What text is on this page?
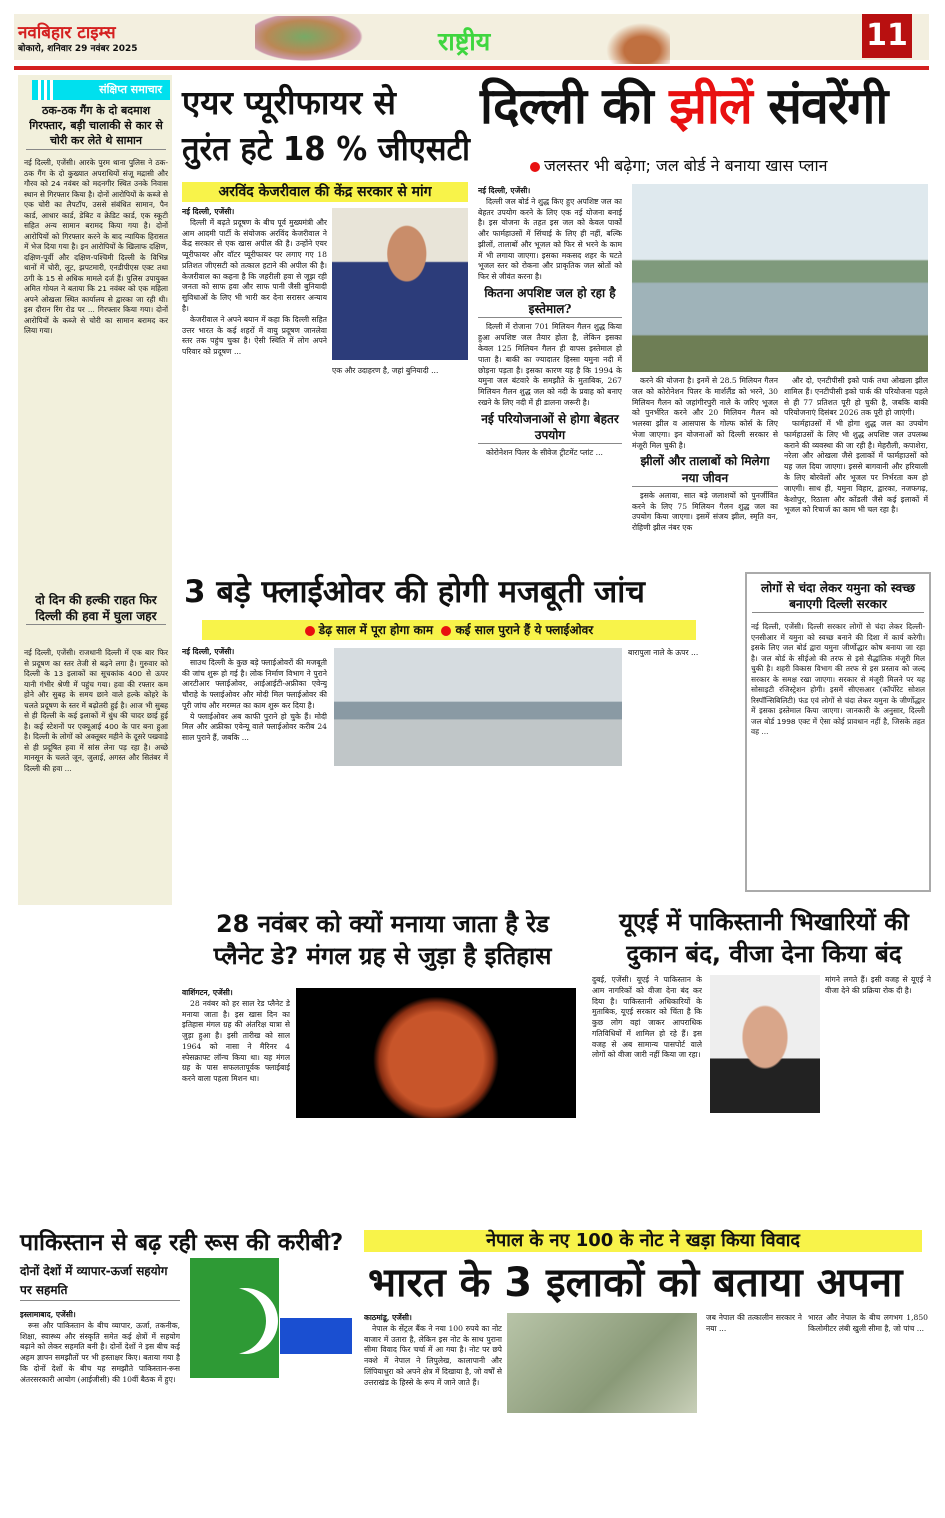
नवबिहार टाइम्स
बोकारो, शनिवार 29 नवंबर 2025	राष्ट्रीय	11
संक्षिप्त समाचार
ठक-ठक गैंग के दो बदमाश गिरफ्तार, बड़ी चालाकी से कार से चोरी कर लेते थे सामान
नई दिल्ली, एजेंसी। आरके पुरम थाना पुलिस ने ठक-ठक गैंग के दो कुख्यात अपराधियों संजू मद्रासी और गौरव को 24 नवंबर को मदनगीर स्थित उनके निवास स्थान से गिरफ्तार किया है। दोनों आरोपियों के कब्जे से एक चोरी का लैपटॉप, उससे संबंधित सामान, पैन कार्ड, आधार कार्ड, डेबिट व क्रेडिट कार्ड, एक स्कूटी सहित अन्य सामान बरामद किया गया है। दोनों आरोपियों को गिरफ्तार करने के बाद न्यायिक हिरासत में भेज दिया गया है। इन आरोपियों के खिलाफ दक्षिण, दक्षिण-पूर्वी और दक्षिण-पश्चिमी दिल्ली के विभिन्न थानों में चोरी, लूट, झपटमारी, एनडीपीएस एक्ट तथा ठगी के 15 से अधिक मामले दर्ज हैं। पुलिस उपायुक्त अमित गोयल ने बताया कि 21 नवंबर को एक महिला अपने ओखला स्थित कार्यालय से द्वारका जा रही थी। इस दौरान रिंग रोड पर ... गिरफ्तार किया गया। दोनों आरोपियों के कब्जे से चोरी का सामान बरामद कर लिया गया।
दो दिन की हल्की राहत फिर दिल्ली की हवा में घुला जहर
नई दिल्ली, एजेंसी। राजधानी दिल्ली में एक बार फिर से प्रदूषण का स्तर तेजी से बढ़ने लगा है। गुरुवार को दिल्ली के 13 इलाकों का सूचकांक 400 से ऊपर यानी गंभीर श्रेणी में पहुंच गया। हवा की रफ्तार कम होने और सुबह के समय छाने वाले हल्के कोहरे के चलते प्रदूषण के स्तर में बढ़ोतरी हुई है। आज भी सुबह से ही दिल्ली के कई इलाकों में धुंध की चादर छाई हुई है। कई स्टेशनों पर एक्यूआई 400 के पार बना हुआ है। दिल्ली के लोगों को अक्तूबर महीने के दूसरे पखवाड़े से ही प्रदूषित हवा में सांस लेना पड़ रहा है। अच्छे मानसून के चलते जून, जुलाई, अगस्त और सितंबर में दिल्ली की हवा ...
एयर प्यूरीफायर से
तुरंत हटे 18 % जीएसटी
अरविंद केजरीवाल की केंद्र सरकार से मांग
नई दिल्ली, एजेंसी।

दिल्ली में बढ़ते प्रदूषण के बीच पूर्व मुख्यमंत्री और आम आदमी पार्टी के संयोजक अरविंद केजरीवाल ने केंद्र सरकार से एक खास अपील की है। उन्होंने एयर प्यूरीफायर और वॉटर प्यूरीफायर पर लगाए गए 18 प्रतिशत जीएसटी को तत्काल हटाने की अपील की है। केजरीवाल का कहना है कि जहरीली हवा से जूझ रही जनता को साफ हवा और साफ पानी जैसी बुनियादी सुविधाओं के लिए भी भारी कर देना सरासर अन्याय है।

केजरीवाल ने अपने बयान में कहा कि दिल्ली सहित उत्तर भारत के कई शहरों में वायु प्रदूषण जानलेवा स्तर तक पहुंच चुका है। ऐसी स्थिति में लोग अपने परिवार को प्रदूषण ...

एक और उदाहरण है, जहां बुनियादी ...
दिल्ली की झीलें संवरेंगी
जलस्तर भी बढ़ेगा; जल बोर्ड ने बनाया खास प्लान
नई दिल्ली, एजेंसी।

दिल्ली जल बोर्ड ने शुद्ध किए हुए अपशिष्ट जल का बेहतर उपयोग करने के लिए एक नई योजना बनाई है। इस योजना के तहत इस जल को केवल पार्कों और फार्महाउसों में सिंचाई के लिए ही नहीं, बल्कि झीलों, तालाबों और भूजल को फिर से भरने के काम में भी लगाया जाएगा। इसका मकसद शहर के घटते भूजल स्तर को रोकना और प्राकृतिक जल स्रोतों को फिर से जीवंत करना है।

कितना अपशिष्ट जल हो रहा है इस्तेमाल?

दिल्ली में रोजाना 701 मिलियन गैलन शुद्ध किया हुआ अपशिष्ट जल तैयार होता है, लेकिन इसका केवल 125 मिलियन गैलन ही वापस इस्तेमाल हो पाता है। बाकी का ज्यादातर हिस्सा यमुना नदी में छोड़ना पड़ता है। इसका कारण यह है कि 1994 के यमुना जल बंटवारे के समझौते के मुताबिक, 267 मिलियन गैलन शुद्ध जल को नदी के प्रवाह को बनाए रखने के लिए नदी में ही डालना जरूरी है।

नई परियोजनाओं से होगा बेहतर उपयोग

कोरोनेशन पिलर के सीवेज ट्रीटमेंट प्लांट ...

करने की योजना है। इनमें से 28.5 मिलियन गैलन जल को कोरोनेशन पिलर के मार्शलैंड को भरने, 30 मिलियन गैलन को जहांगीरपुरी नाले के जरिए भूजल को पुनर्भरित करने और 20 मिलियन गैलन को भलस्वा झील व आसपास के गोल्फ कोर्स के लिए भेजा जाएगा। इन योजनाओं को दिल्ली सरकार से मंजूरी मिल चुकी है।

झीलों और तालाबों को मिलेगा नया जीवन

इसके अलावा, सात बड़े जलाशयों को पुनर्जीवित करने के लिए 75 मिलियन गैलन शुद्ध जल का उपयोग किया जाएगा। इसमें संजय झील, स्मृति वन, रोहिणी झील नंबर एक

और दो, एनटीपीसी इको पार्क तथा ओखला झील शामिल हैं। एनटीपीसी इको पार्क की परियोजना पहले से ही 77 प्रतिशत पूरी हो चुकी है, जबकि बाकी परियोजनाएं दिसंबर 2026 तक पूरी हो जाएंगी।

फार्महाउसों में भी होगा शुद्ध जल का उपयोग फार्महाउसों के लिए भी शुद्ध अपशिष्ट जल उपलब्ध कराने की व्यवस्था की जा रही है। मेहरौली, कपाशेरा, नरेला और ओखला जैसे इलाकों में फार्महाउसों को यह जल दिया जाएगा। इससे बागवानी और हरियाली के लिए बोरवेलों और भूजल पर निर्भरता कम हो जाएगी। साथ ही, यमुना विहार, द्वारका, नजफगढ़, केशोपुर, रिठाला और कोंडली जैसे कई इलाकों में भूजल को रिचार्ज का काम भी चल रहा है।

3 बड़े फ्लाईओवर की होगी मजबूती जांच
डेढ़ साल में पूरा होगा काम कई साल पुराने हैं ये फ्लाईओवर
नई दिल्ली, एजेंसी।

साउथ दिल्ली के कुछ बड़े फ्लाईओवरों की मजबूती की जांच शुरू हो गई है। लोक निर्माण विभाग ने पुराने आरटीआर फ्लाईओवर, आईआईटी-अफ्रीका एवेन्यू चौराहे के फ्लाईओवर और मोदी मिल फ्लाईओवर की पूरी जांच और मरम्मत का काम शुरू कर दिया है।

ये फ्लाईओवर अब काफी पुराने हो चुके हैं। मोदी मिल और अफ्रीका एवेन्यू वाले फ्लाईओवर करीब 24 साल पुराने हैं, जबकि ...

बारापुला नाले के ऊपर ...
लोगों से चंदा लेकर यमुना को स्वच्छ बनाएगी दिल्ली सरकार
नई दिल्ली, एजेंसी। दिल्ली सरकार लोगों से चंदा लेकर दिल्ली-एनसीआर में यमुना को स्वच्छ बनाने की दिशा में कार्य करेगी। इसके लिए जल बोर्ड द्वारा यमुना जीर्णोद्धार कोष बनाया जा रहा है। जल बोर्ड के सीईओ की तरफ से इसे सैद्धांतिक मंजूरी मिल चुकी है। शहरी विकास विभाग की तरफ से इस प्रस्ताव को जल्द सरकार के समक्ष रखा जाएगा। सरकार से मंजूरी मिलने पर यह सोसाइटी रजिस्ट्रेशन होगी। इसमें सीएसआर (कॉर्पोरेट सोशल रिस्पॉन्सिबिलिटी) फंड एवं लोगों से चंदा लेकर यमुना के जीर्णोद्धार में इसका इस्तेमाल किया जाएगा। जानकारी के अनुसार, दिल्ली जल बोर्ड 1998 एक्ट में ऐसा कोई प्रावधान नहीं है, जिसके तहत वह ...
28 नवंबर को क्यों मनाया जाता है रेड प्लैनेट डे? मंगल ग्रह से जुड़ा है इतिहास
वाशिंगटन, एजेंसी।

28 नवंबर को हर साल रेड प्लैनेट डे मनाया जाता है। इस खास दिन का इतिहास मंगल ग्रह की अंतरिक्ष यात्रा से जुड़ा हुआ है। इसी तारीख को साल 1964 को नासा ने मैरिनर 4 स्पेसक्राफ्ट लॉन्च किया था। यह मंगल ग्रह के पास सफलतापूर्वक फ्लाईबाई करने वाला पहला मिशन था।

यूएई में पाकिस्तानी भिखारियों की दुकान बंद, वीजा देना किया बंद
दुबई, एजेंसी। यूएई ने पाकिस्तान के आम नागरिकों को वीजा देना बंद कर दिया है। पाकिस्तानी अधिकारियों के मुताबिक, यूएई सरकार को चिंता है कि कुछ लोग वहां जाकर आपराधिक गतिविधियों में शामिल हो रहे हैं। इस वजह से अब सामान्य पासपोर्ट वाले लोगों को वीजा जारी नहीं किया जा रहा।
मांगने लगते हैं। इसी वजह से यूएई ने वीजा देने की प्रक्रिया रोक दी है।
पाकिस्तान से बढ़ रही रूस की करीबी?
दोनों देशों में व्यापार-ऊर्जा सहयोग पर सहमति
इस्लामाबाद, एजेंसी।

रूस और पाकिस्तान के बीच व्यापार, ऊर्जा, तकनीक, शिक्षा, स्वास्थ्य और संस्कृति समेत कई क्षेत्रों में सहयोग बढ़ाने को लेकर सहमति बनी है। दोनों देशों ने इस बीच कई अहम ज्ञापन समझौतों पर भी हस्ताक्षर किए। बताया गया है कि दोनों देशों के बीच यह समझौते पाकिस्तान-रूस अंतरसरकारी आयोग (आईजीसी) की 10वीं बैठक में हुए।

नेपाल के नए 100 के नोट ने खड़ा किया विवाद
भारत के 3 इलाकों को बताया अपना
काठमांडू, एजेंसी।

नेपाल के सेंट्रल बैंक ने नया 100 रुपये का नोट बाजार में उतारा है, लेकिन इस नोट के साथ पुराना सीमा विवाद फिर चर्चा में आ गया है। नोट पर छपे नक्शे में नेपाल ने लिपुलेख, कालापानी और लिंपियाधुरा को अपने क्षेत्र में दिखाया है, जो वर्षों से उत्तराखंड के हिस्से के रूप में जाने जाते हैं।

जब नेपाल की तत्कालीन सरकार ने नया ...
भारत और नेपाल के बीच लगभग 1,850 किलोमीटर लंबी खुली सीमा है, जो पांच ...
